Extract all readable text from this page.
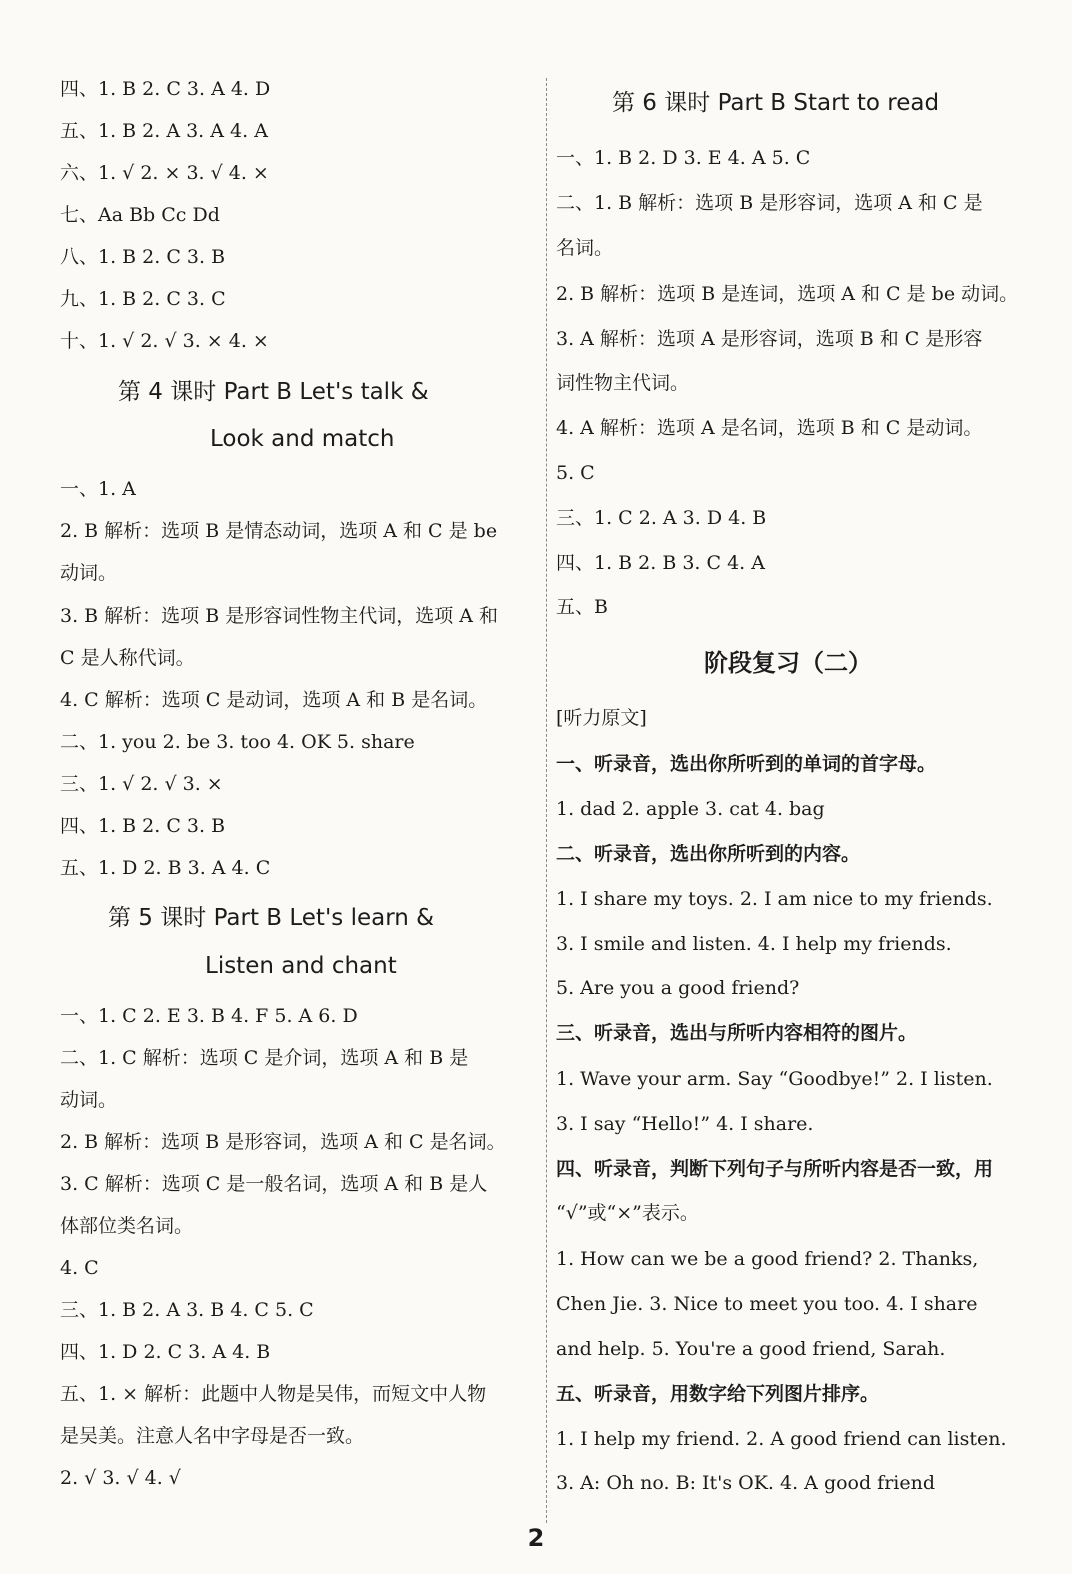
四、1. B 2. C 3. A 4. D
五、1. B 2. A 3. A 4. A
六、1. √ 2. × 3. √ 4. ×
七、Aa Bb Cc Dd
八、1. B 2. C 3. B
九、1. B 2. C 3. C
十、1. √ 2. √ 3. × 4. ×
第 4 课时 Part B Let's talk &
Look and match
一、1. A
2. B 解析：选项 B 是情态动词，选项 A 和 C 是 be
动词。
3. B 解析：选项 B 是形容词性物主代词，选项 A 和
C 是人称代词。
4. C 解析：选项 C 是动词，选项 A 和 B 是名词。
二、1. you 2. be 3. too 4. OK 5. share
三、1. √ 2. √ 3. ×
四、1. B 2. C 3. B
五、1. D 2. B 3. A 4. C
第 5 课时 Part B Let's learn &
Listen and chant
一、1. C 2. E 3. B 4. F 5. A 6. D
二、1. C 解析：选项 C 是介词，选项 A 和 B 是
动词。
2. B 解析：选项 B 是形容词，选项 A 和 C 是名词。
3. C 解析：选项 C 是一般名词，选项 A 和 B 是人
体部位类名词。
4. C
三、1. B 2. A 3. B 4. C 5. C
四、1. D 2. C 3. A 4. B
五、1. × 解析：此题中人物是吴伟，而短文中人物
是吴美。注意人名中字母是否一致。
2. √ 3. √ 4. √
第 6 课时 Part B Start to read
一、1. B 2. D 3. E 4. A 5. C
二、1. B 解析：选项 B 是形容词，选项 A 和 C 是
名词。
2. B 解析：选项 B 是连词，选项 A 和 C 是 be 动词。
3. A 解析：选项 A 是形容词，选项 B 和 C 是形容
词性物主代词。
4. A 解析：选项 A 是名词，选项 B 和 C 是动词。
5. C
三、1. C 2. A 3. D 4. B
四、1. B 2. B 3. C 4. A
五、B
阶段复习（二）
[听力原文]
一、听录音，选出你所听到的单词的首字母。
1. dad 2. apple 3. cat 4. bag
二、听录音，选出你所听到的内容。
1. I share my toys. 2. I am nice to my friends.
3. I smile and listen. 4. I help my friends.
5. Are you a good friend?
三、听录音，选出与所听内容相符的图片。
1. Wave your arm. Say “Goodbye!” 2. I listen.
3. I say “Hello!” 4. I share.
四、听录音，判断下列句子与所听内容是否一致，用
“√”或“×”表示。
1. How can we be a good friend? 2. Thanks,
Chen Jie. 3. Nice to meet you too. 4. I share
and help. 5. You're a good friend, Sarah.
五、听录音，用数字给下列图片排序。
1. I help my friend. 2. A good friend can listen.
3. A: Oh no. B: It's OK. 4. A good friend
2
